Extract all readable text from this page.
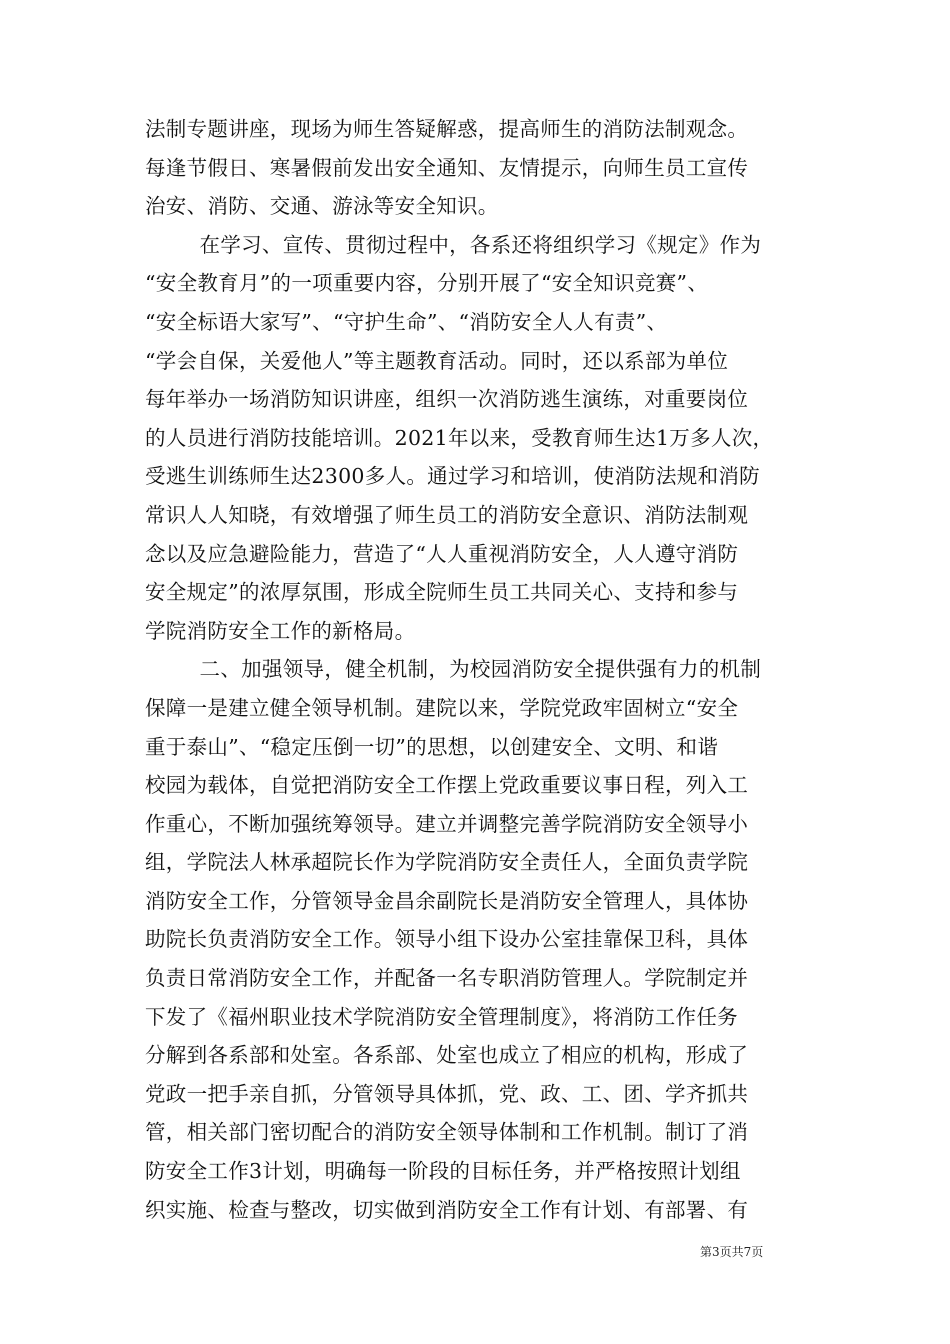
法制专题讲座，现场为师生答疑解惑，提高师生的消防法制观念。
每逢节假日、寒暑假前发出安全通知、友情提示，向师生员工宣传
治安、消防、交通、游泳等安全知识。
在学习、宣传、贯彻过程中，各系还将组织学习《规定》作为
“安全教育月”的一项重要内容，分别开展了“安全知识竞赛”、
“安全标语大家写”、“守护生命”、“消防安全人人有责”、
“学会自保，关爱他人”等主题教育活动。同时，还以系部为单位
每年举办一场消防知识讲座，组织一次消防逃生演练，对重要岗位
的人员进行消防技能培训。2021年以来，受教育师生达1万多人次，
受逃生训练师生达2300多人。通过学习和培训，使消防法规和消防
常识人人知晓，有效增强了师生员工的消防安全意识、消防法制观
念以及应急避险能力，营造了“人人重视消防安全，人人遵守消防
安全规定”的浓厚氛围，形成全院师生员工共同关心、支持和参与
学院消防安全工作的新格局。
二、加强领导，健全机制，为校园消防安全提供强有力的机制
保障一是建立健全领导机制。建院以来，学院党政牢固树立“安全
重于泰山”、“稳定压倒一切”的思想，以创建安全、文明、和谐
校园为载体，自觉把消防安全工作摆上党政重要议事日程，列入工
作重心，不断加强统筹领导。建立并调整完善学院消防安全领导小
组，学院法人林承超院长作为学院消防安全责任人，全面负责学院
消防安全工作，分管领导金昌余副院长是消防安全管理人，具体协
助院长负责消防安全工作。领导小组下设办公室挂靠保卫科，具体
负责日常消防安全工作，并配备一名专职消防管理人。学院制定并
下发了《福州职业技术学院消防安全管理制度》，将消防工作任务
分解到各系部和处室。各系部、处室也成立了相应的机构，形成了
党政一把手亲自抓，分管领导具体抓，党、政、工、团、学齐抓共
管，相关部门密切配合的消防安全领导体制和工作机制。制订了消
防安全工作3计划，明确每一阶段的目标任务，并严格按照计划组
织实施、检查与整改，切实做到消防安全工作有计划、有部署、有
第3页共7页
